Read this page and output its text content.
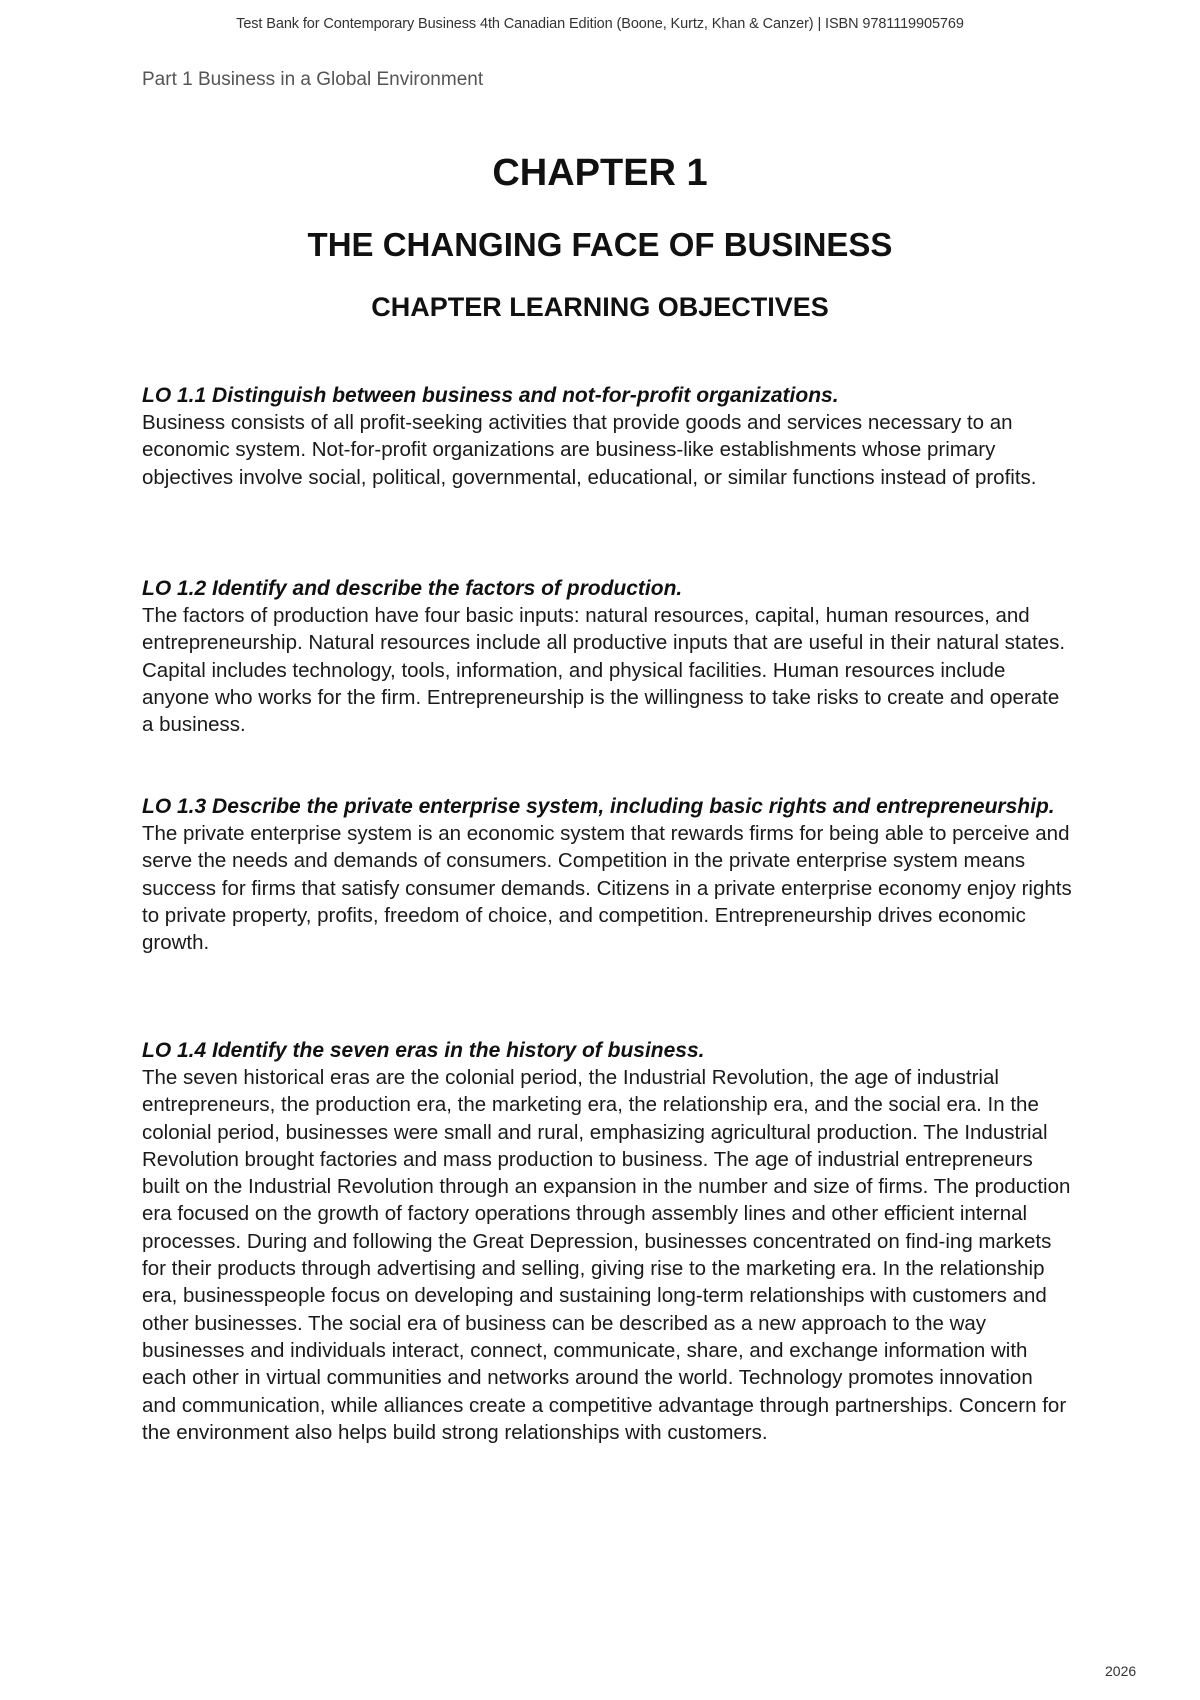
Test Bank for Contemporary Business 4th Canadian Edition (Boone, Kurtz, Khan & Canzer) | ISBN 9781119905769
Part 1 Business in a Global Environment
CHAPTER 1
THE CHANGING FACE OF BUSINESS
CHAPTER LEARNING OBJECTIVES
LO 1.1 Distinguish between business and not-for-profit organizations.

Business consists of all profit-seeking activities that provide goods and services necessary to an economic system. Not-for-profit organizations are business-like establishments whose primary objectives involve social, political, governmental, educational, or similar functions instead of profits.

LO 1.2 Identify and describe the factors of production.

The factors of production have four basic inputs: natural resources, capital, human resources, and entrepreneurship. Natural resources include all productive inputs that are useful in their natural states. Capital includes technology, tools, information, and physical facilities. Human resources include anyone who works for the firm. Entrepreneurship is the willingness to take risks to create and operate a business.

LO 1.3 Describe the private enterprise system, including basic rights and entrepreneurship.

The private enterprise system is an economic system that rewards firms for being able to perceive and serve the needs and demands of consumers. Competition in the private enterprise system means success for firms that satisfy consumer demands. Citizens in a private enterprise economy enjoy rights to private property, profits, freedom of choice, and competition. Entrepreneurship drives economic growth.

LO 1.4 Identify the seven eras in the history of business.

The seven historical eras are the colonial period, the Industrial Revolution, the age of industrial entrepreneurs, the production era, the marketing era, the relationship era, and the social era. In the colonial period, businesses were small and rural, emphasizing agricultural production. The Industrial Revolution brought factories and mass production to business. The age of industrial entrepreneurs built on the Industrial Revolution through an expansion in the number and size of firms. The production era focused on the growth of factory operations through assembly lines and other efficient internal processes. During and following the Great Depression, businesses concentrated on find-ing markets for their products through advertising and selling, giving rise to the marketing era. In the relationship era, businesspeople focus on developing and sustaining long-term relationships with customers and other businesses. The social era of business can be described as a new approach to the way businesses and individuals interact, connect, communicate, share, and exchange information with each other in virtual communities and networks around the world. Technology promotes innovation and communication, while alliances create a competitive advantage through partnerships. Concern for the environment also helps build strong relationships with customers.

2026
